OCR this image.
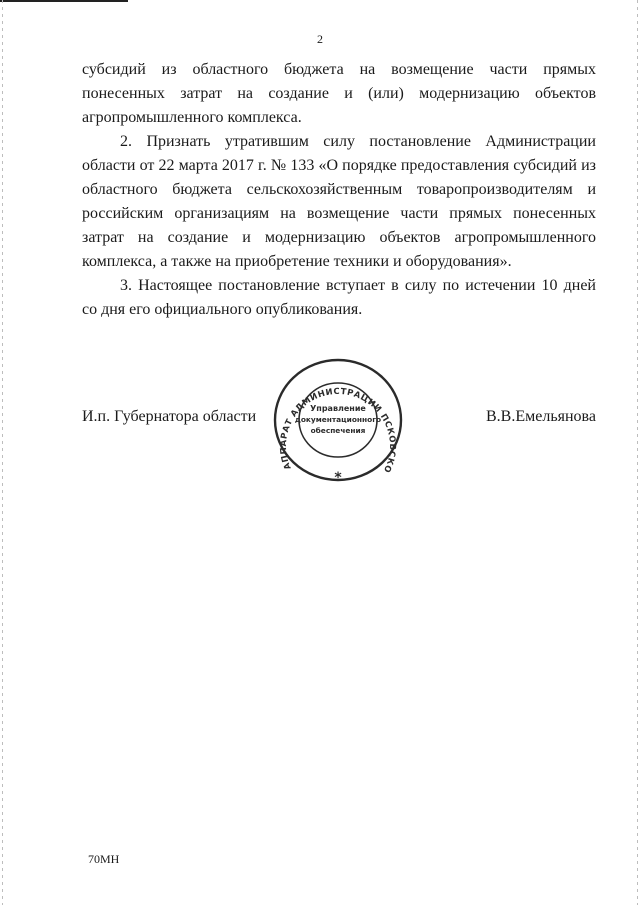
2

субсидий из областного бюджета на возмещение части прямых понесенных затрат на создание и (или) модернизацию объектов агропромышленного комплекса.

2. Признать утратившим силу постановление Администрации области от 22 марта 2017 г. № 133 «О порядке предоставления субсидий из областного бюджета сельскохозяйственным товаропроизводителям и российским организациям на возмещение части прямых понесенных затрат на создание и модернизацию объектов агропромышленного комплекса, а также на приобретение техники и оборудования».

3. Настоящее постановление вступает в силу по истечении 10 дней со дня его официального опубликования.

И.п. Губернатора области	В.В.Емельянова
АППАРАТ АДМИНИСТРАЦИИ ПСКОВСКО
Управление
документационного
обеспечения
*
70МН
